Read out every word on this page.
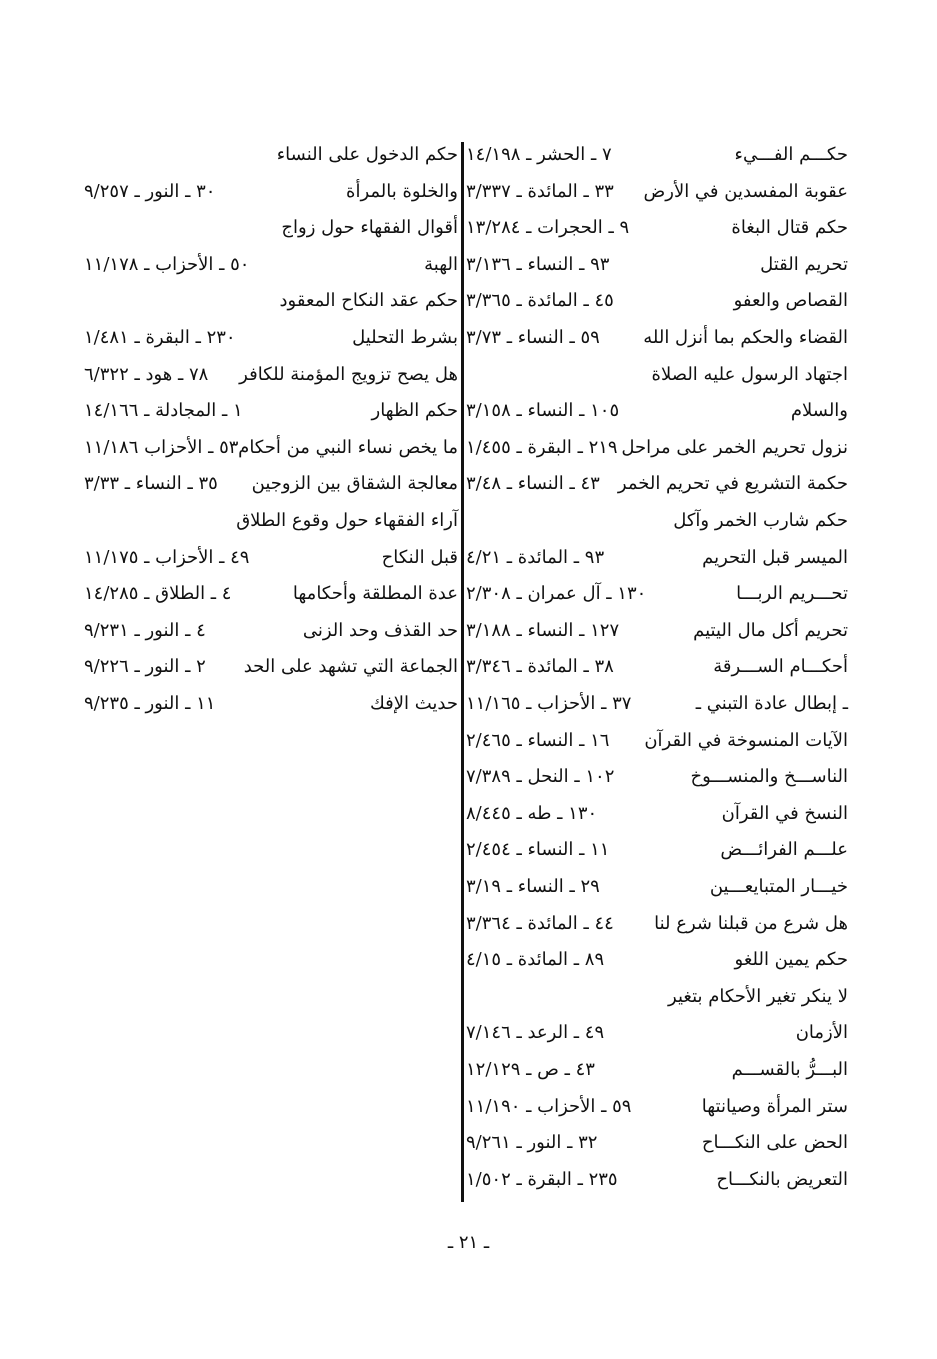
حكـــم الفـــيء
٧ ـ الحشر ـ ١٤/١٩٨
عقوبة المفسدين في الأرض
٣٣ ـ المائدة ـ ٣/٣٣٧
حكم قتال البغاة
٩ ـ الحجرات ـ ١٣/٢٨٤
تحريم القتل
٩٣ ـ النساء ـ ٣/١٣٦
القصاص والعفو
٤٥ ـ المائدة ـ ٣/٣٦٥
القضاء والحكم بما أنزل الله
٥٩ ـ النساء ـ ٣/٧٣
اجتهاد الرسول عليه الصلاة
والسلام
١٠٥ ـ النساء ـ ٣/١٥٨
نزول تحريم الخمر على مراحل
٢١٩ ـ البقرة ـ ١/٤٥٥
حكمة التشريع في تحريم الخمر
٤٣ ـ النساء ـ ٣/٤٨
حكم شارب الخمر وآكل
الميسر قبل التحريم
٩٣ ـ المائدة ـ ٤/٢١
تحـــريم الربـــا
١٣٠ ـ آل عمران ـ ٢/٣٠٨
تحريم أكل مال اليتيم
١٢٧ ـ النساء ـ ٣/١٨٨
أحكـــام الســـرقة
٣٨ ـ المائدة ـ ٣/٣٤٦
ـ إبطال عادة التبني ـ
٣٧ ـ الأحزاب ـ ١١/١٦٥
الآيات المنسوخة في القرآن
١٦ ـ النساء ـ ٢/٤٦٥
الناســـخ والمنســـوخ
١٠٢ ـ النحل ـ ٧/٣٨٩
النسخ في القرآن
١٣٠ ـ طه ـ ٨/٤٤٥
علـــم الفرائـــض
١١ ـ النساء ـ ٢/٤٥٤
خيـــار المتبايعـــين
٢٩ ـ النساء ـ ٣/١٩
هل شرع من قبلنا شرع لنا
٤٤ ـ المائدة ـ ٣/٣٦٤
حكم يمين اللغو
٨٩ ـ المائدة ـ ٤/١٥
لا ينكر تغير الأحكام بتغير
الأزمان
٤٩ ـ الرعد ـ ٧/١٤٦
البـــرُّ بالقســـم
٤٣ ـ ص ـ ١٢/١٢٩
ستر المرأة وصيانتها
٥٩ ـ الأحزاب ـ ١١/١٩٠
الحض على النكـــاح
٣٢ ـ النور ـ ٩/٢٦١
التعريض بالنكـــاح
٢٣٥ ـ البقرة ـ ١/٥٠٢
حكم الدخول على النساء
والخلوة بالمرأة
٣٠ ـ النور ـ ٩/٢٥٧
أقوال الفقهاء حول زواج
الهبة
٥٠ ـ الأحزاب ـ ١١/١٧٨
حكم عقد النكاح المعقود
بشرط التحليل
٢٣٠ ـ البقرة ـ ١/٤٨١
هل يصح تزويج المؤمنة للكافر
٧٨ ـ هود ـ ٦/٣٢٢
حكم الظهار
١ ـ المجادلة ـ ١٤/١٦٦
ما يخص نساء النبي من أحكام
٥٣ ـ الأحزاب ١١/١٨٦
معالجة الشقاق بين الزوجين
٣٥ ـ النساء ـ ٣/٣٣
آراء الفقهاء حول وقوع الطلاق
قبل النكاح
٤٩ ـ الأحزاب ـ ١١/١٧٥
عدة المطلقة وأحكامها
٤ ـ الطلاق ـ ١٤/٢٨٥
حد القذف وحد الزنى
٤ ـ النور ـ ٩/٢٣١
الجماعة التي تشهد على الحد
٢ ـ النور ـ ٩/٢٢٦
حديث الإفك
١١ ـ النور ـ ٩/٢٣٥
ـ ٢١ ـ
